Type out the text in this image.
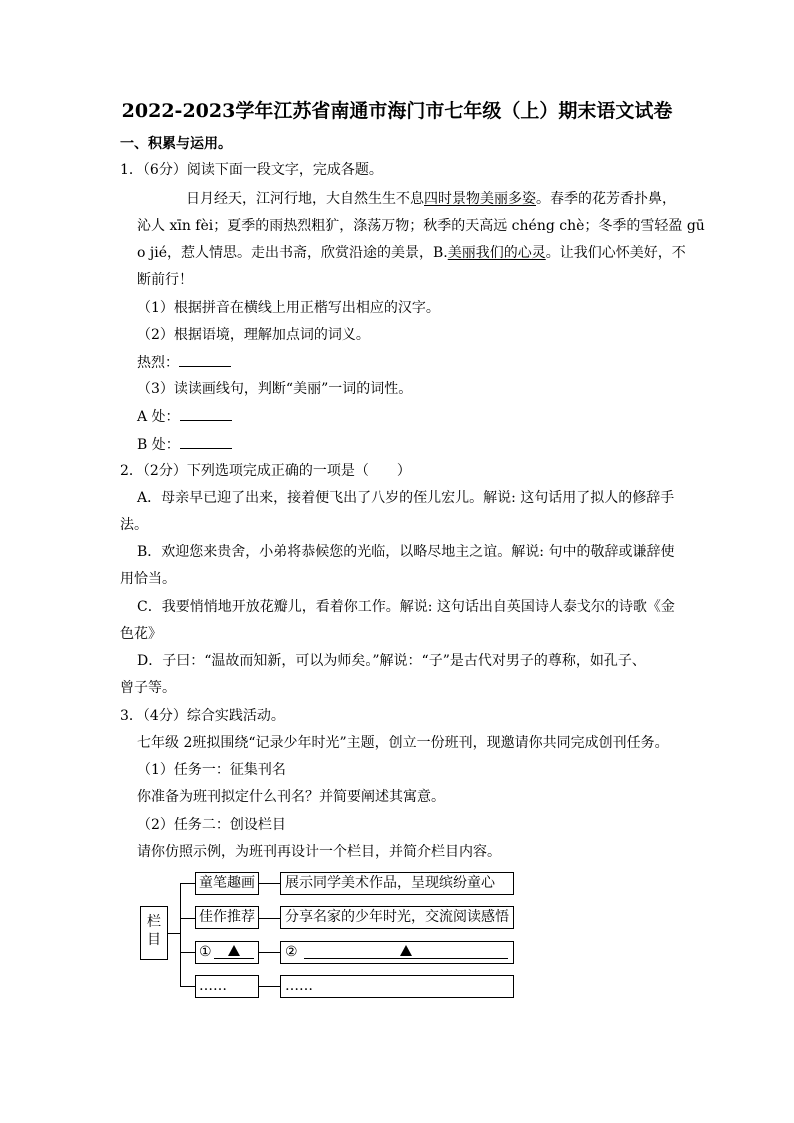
2022-2023学年江苏省南通市海门市七年级（上）期末语文试卷
一、积累与运用。
1．（6分）阅读下面一段文字，完成各题。
日月经天，江河行地，大自然生生不息四时景物美丽多姿。春季的花芳香扑鼻，
沁人 xīn fèi；夏季的雨热烈粗犷，涤荡万物；秋季的天高远 chéng chè；冬季的雪轻盈 gū
o jié，惹人情思。走出书斋，欣赏沿途的美景，B.美丽我们的心灵。让我们心怀美好，不
断前行！
（1）根据拼音在横线上用正楷写出相应的汉字。
（2）根据语境，理解加点词的词义。
热烈：
（3）读读画线句，判断“美丽”一词的词性。
A 处：
B 处：
2．（2分）下列选项完成正确的一项是（　　）
A．母亲早已迎了出来，接着便飞出了八岁的侄儿宏儿。解说: 这句话用了拟人的修辞手
法。
B．欢迎您来贵舍，小弟将恭候您的光临，以略尽地主之谊。解说: 句中的敬辞或谦辞使
用恰当。
C．我要悄悄地开放花瓣儿，看着你工作。解说: 这句话出自英国诗人泰戈尔的诗歌《金
色花》
D．子曰：“温故而知新，可以为师矣。”解说：“子”是古代对男子的尊称，如孔子、
曾子等。
3．（4分）综合实践活动。
七年级 2班拟围绕“记录少年时光”主题，创立一份班刊，现邀请你共同完成创刊任务。
（1）任务一：征集刊名
你准备为班刊拟定什么刊名？并简要阐述其寓意。
（2）任务二：创设栏目
请你仿照示例，为班刊再设计一个栏目，并简介栏目内容。
栏目
童笔趣画	展示同学美术作品，呈现缤纷童心
佳作推荐	分享名家的少年时光，交流阅读感悟
①	②
……	……
